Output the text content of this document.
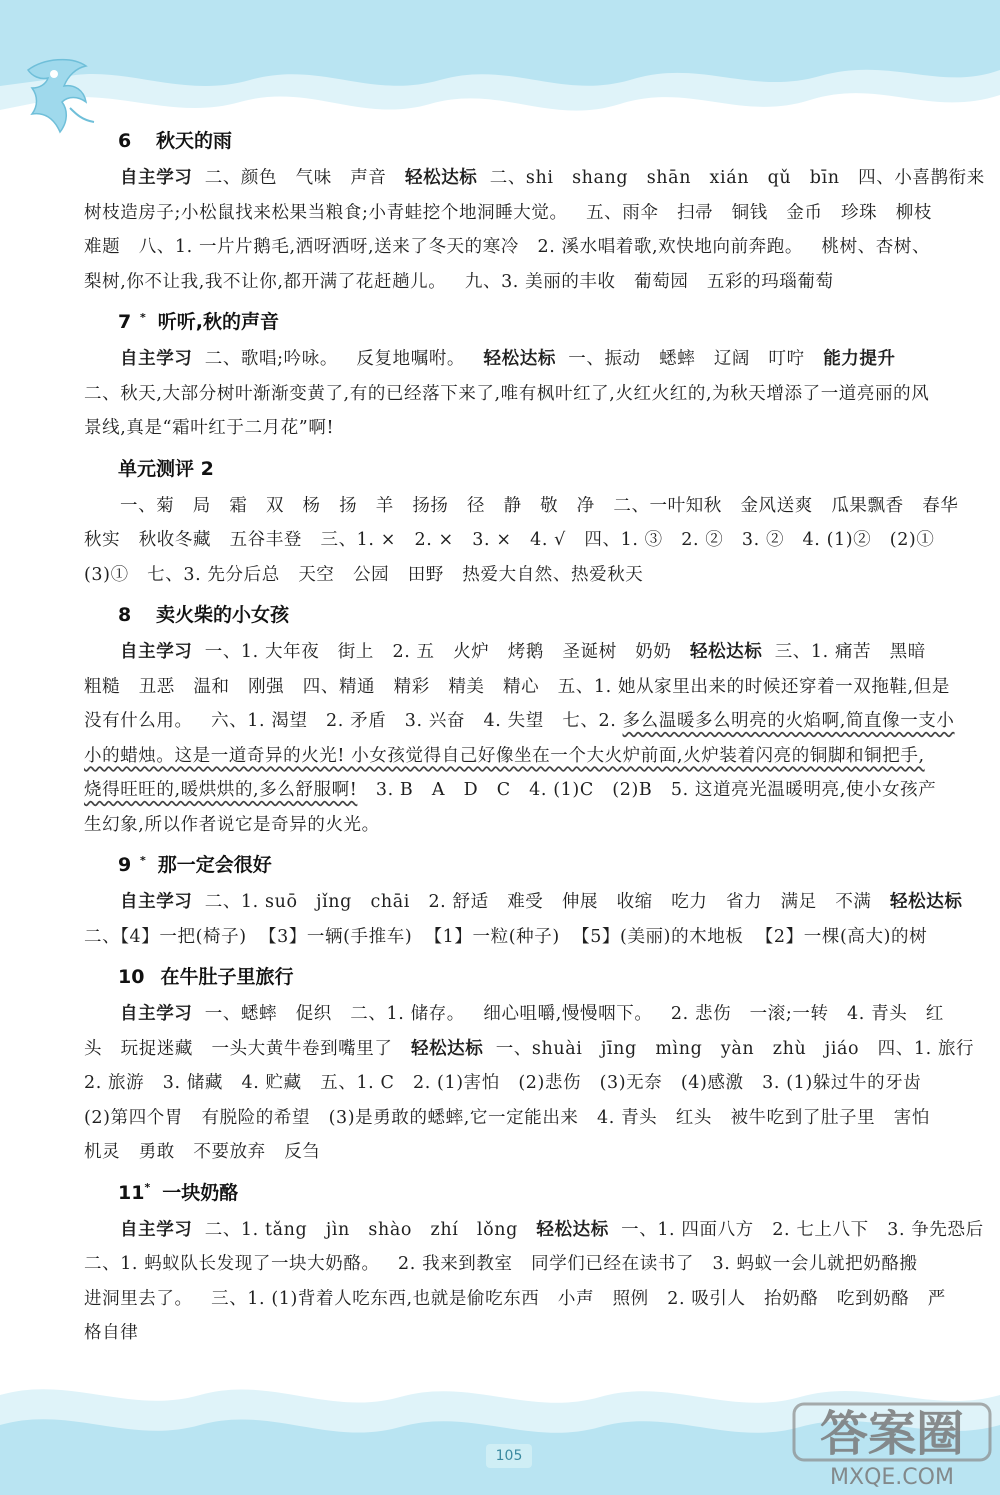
6 秋天的雨
自主学习  二、颜色   气味   声音   轻松达标  二、shi   shang   shān   xián   qǔ   bīn   四、小喜鹊衔来
树枝造房子;小松鼠找来松果当粮食;小青蛙挖个地洞睡大觉。   五、雨伞   扫帚   铜钱   金币   珍珠   柳枝
难题   八、1. 一片片鹅毛,洒呀洒呀,送来了冬天的寒冷   2. 溪水唱着歌,欢快地向前奔跑。   桃树、杏树、
梨树,你不让我,我不让你,都开满了花赶趟儿。   九、3. 美丽的丰收   葡萄园   五彩的玛瑙葡萄
7 * 听听,秋的声音
自主学习  二、歌唱;吟咏。   反复地嘱咐。   轻松达标  一、振动   蟋蟀   辽阔   叮咛   能力提升
二、秋天,大部分树叶渐渐变黄了,有的已经落下来了,唯有枫叶红了,火红火红的,为秋天增添了一道亮丽的风
景线,真是“霜叶红于二月花”啊!
单元测评 2
一、菊   局   霜   双   杨   扬   羊   扬扬   径   静   敬   净   二、一叶知秋   金风送爽   瓜果飘香   春华
秋实   秋收冬藏   五谷丰登   三、1. ×   2. ×   3. ×   4. √   四、1. ③   2. ②   3. ②   4. (1)②   (2)①
(3)①   七、3. 先分后总   天空   公园   田野   热爱大自然、热爱秋天
8 卖火柴的小女孩
自主学习  一、1. 大年夜   街上   2. 五   火炉   烤鹅   圣诞树   奶奶   轻松达标  三、1. 痛苦   黑暗
粗糙   丑恶   温和   刚强   四、精通   精彩   精美   精心   五、1. 她从家里出来的时候还穿着一双拖鞋,但是
没有什么用。   六、1. 渴望   2. 矛盾   3. 兴奋   4. 失望   七、2. 多么温暖多么明亮的火焰啊,简直像一支小
小的蜡烛。这是一道奇异的火光! 小女孩觉得自己好像坐在一个大火炉前面,火炉装着闪亮的铜脚和铜把手,
烧得旺旺的,暖烘烘的,多么舒服啊!   3. B   A   D   C   4. (1)C   (2)B   5. 这道亮光温暖明亮,使小女孩产
生幻象,所以作者说它是奇异的火光。
9 * 那一定会很好
自主学习  二、1. suō   jǐng   chāi   2. 舒适   难受   伸展   收缩   吃力   省力   满足   不满   轻松达标
二、【4】一把(椅子)  【3】一辆(手推车)  【1】一粒(种子)  【5】(美丽)的木地板  【2】一棵(高大)的树
10 在牛肚子里旅行
自主学习  一、蟋蟀   促织   二、1. 储存。   细心咀嚼,慢慢咽下。   2. 悲伤   一滚;一转   4. 青头   红
头   玩捉迷藏   一头大黄牛卷到嘴里了   轻松达标  一、shuài   jīng   mìng   yàn   zhù   jiáo   四、1. 旅行
2. 旅游   3. 储藏   4. 贮藏   五、1. C   2. (1)害怕   (2)悲伤   (3)无奈   (4)感激   3. (1)躲过牛的牙齿
(2)第四个胃   有脱险的希望   (3)是勇敢的蟋蟀,它一定能出来   4. 青头   红头   被牛吃到了肚子里   害怕
机灵   勇敢   不要放弃   反刍
11* 一块奶酪
自主学习  二、1. tǎng   jìn   shào   zhí   lǒng   轻松达标  一、1. 四面八方   2. 七上八下   3. 争先恐后
二、1. 蚂蚁队长发现了一块大奶酪。   2. 我来到教室   同学们已经在读书了   3. 蚂蚁一会儿就把奶酪搬
进洞里去了。   三、1. (1)背着人吃东西,也就是偷吃东西   小声   照例   2. 吸引人   抬奶酪   吃到奶酪   严
格自律
105	答案圈
MXQE.COM
